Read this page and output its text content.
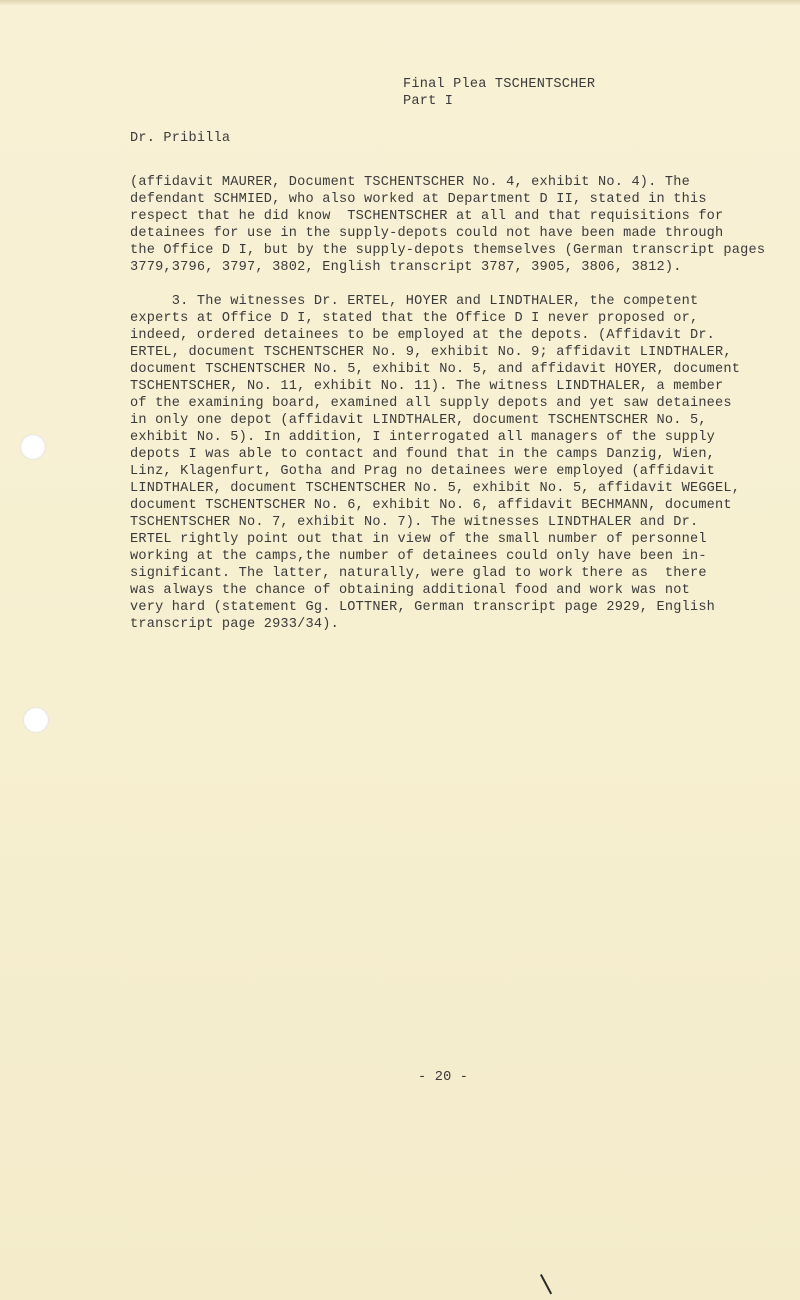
Final Plea TSCHENTSCHER
Part I
Dr. Pribilla
(affidavit MAURER, Document TSCHENTSCHER No. 4, exhibit No. 4). The
defendant SCHMIED, who also worked at Department D II, stated in this
respect that he did know  TSCHENTSCHER at all and that requisitions for
detainees for use in the supply-depots could not have been made through
the Office D I, but by the supply-depots themselves (German transcript pages
3779,3796, 3797, 3802, English transcript 3787, 3905, 3806, 3812).
3. The witnesses Dr. ERTEL, HOYER and LINDTHALER, the competent
experts at Office D I, stated that the Office D I never proposed or,
indeed, ordered detainees to be employed at the depots. (Affidavit Dr.
ERTEL, document TSCHENTSCHER No. 9, exhibit No. 9; affidavit LINDTHALER,
document TSCHENTSCHER No. 5, exhibit No. 5, and affidavit HOYER, document
TSCHENTSCHER, No. 11, exhibit No. 11). The witness LINDTHALER, a member
of the examining board, examined all supply depots and yet saw detainees
in only one depot (affidavit LINDTHALER, document TSCHENTSCHER No. 5,
exhibit No. 5). In addition, I interrogated all managers of the supply
depots I was able to contact and found that in the camps Danzig, Wien,
Linz, Klagenfurt, Gotha and Prag no detainees were employed (affidavit
LINDTHALER, document TSCHENTSCHER No. 5, exhibit No. 5, affidavit WEGGEL,
document TSCHENTSCHER No. 6, exhibit No. 6, affidavit BECHMANN, document
TSCHENTSCHER No. 7, exhibit No. 7). The witnesses LINDTHALER and Dr.
ERTEL rightly point out that in view of the small number of personnel
working at the camps,the number of detainees could only have been in-
significant. The latter, naturally, were glad to work there as  there
was always the chance of obtaining additional food and work was not
very hard (statement Gg. LOTTNER, German transcript page 2929, English
transcript page 2933/34).
- 20 -
